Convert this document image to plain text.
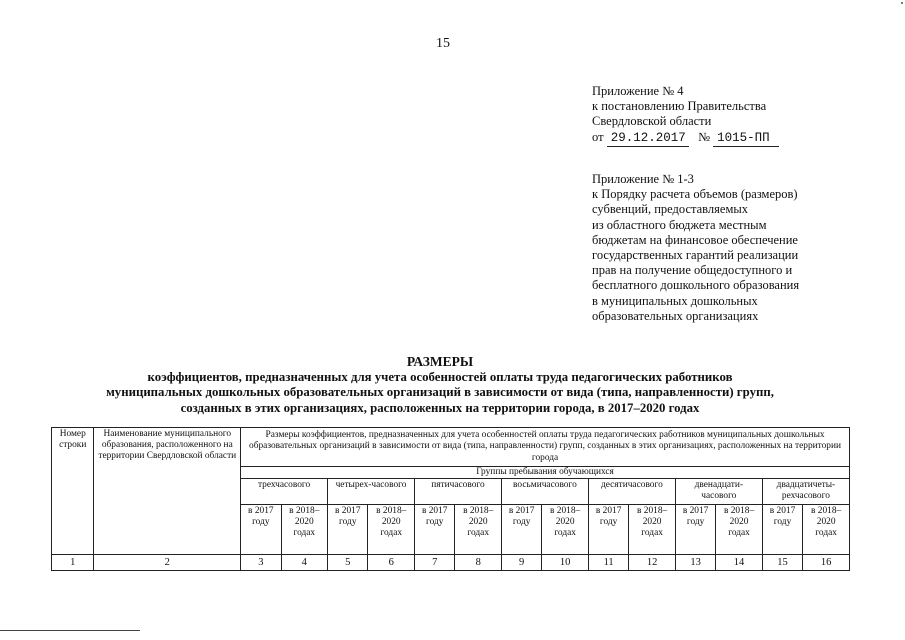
15
Приложение № 4
к постановлению Правительства
Свердловской области
от 29.12.2017 № 1015-ПП
Приложение № 1-3
к Порядку расчета объемов (размеров)
субвенций, предоставляемых
из областного бюджета местным
бюджетам на финансовое обеспечение
государственных гарантий реализации
прав на получение общедоступного и
бесплатного дошкольного образования
в муниципальных дошкольных
образовательных организациях
РАЗМЕРЫ
коэффициентов, предназначенных для учета особенностей оплаты труда педагогических работников
муниципальных дошкольных образовательных организаций в зависимости от вида (типа, направленности) групп,
созданных в этих организациях, расположенных на территории города, в 2017–2020 годах
Номер строки	Наименование муниципального образования, расположенного на территории Свердловской области	Размеры коэффициентов, предназначенных для учета особенностей оплаты труда педагогических работников муниципальных дошкольных образовательных организаций в зависимости от вида (типа, направленности) групп, созданных в этих организациях, расположенных на территории города													
		Группы пребывания обучающихся													
		трехчасового		четырех-часового		пятичасового		восьмичасового		десятичасового		двенадцати-часового		двадцатичеты-рехчасового	
		в 2017 году	в 2018–2020 годах	в 2017 году	в 2018–2020 годах	в 2017 году	в 2018–2020 годах	в 2017 году	в 2018–2020 годах	в 2017 году	в 2018–2020 годах	в 2017 году	в 2018–2020 годах	в 2017 году	в 2018–2020 годах
1	2	3	4	5	6	7	8	9	10	11	12	13	14	15	16
